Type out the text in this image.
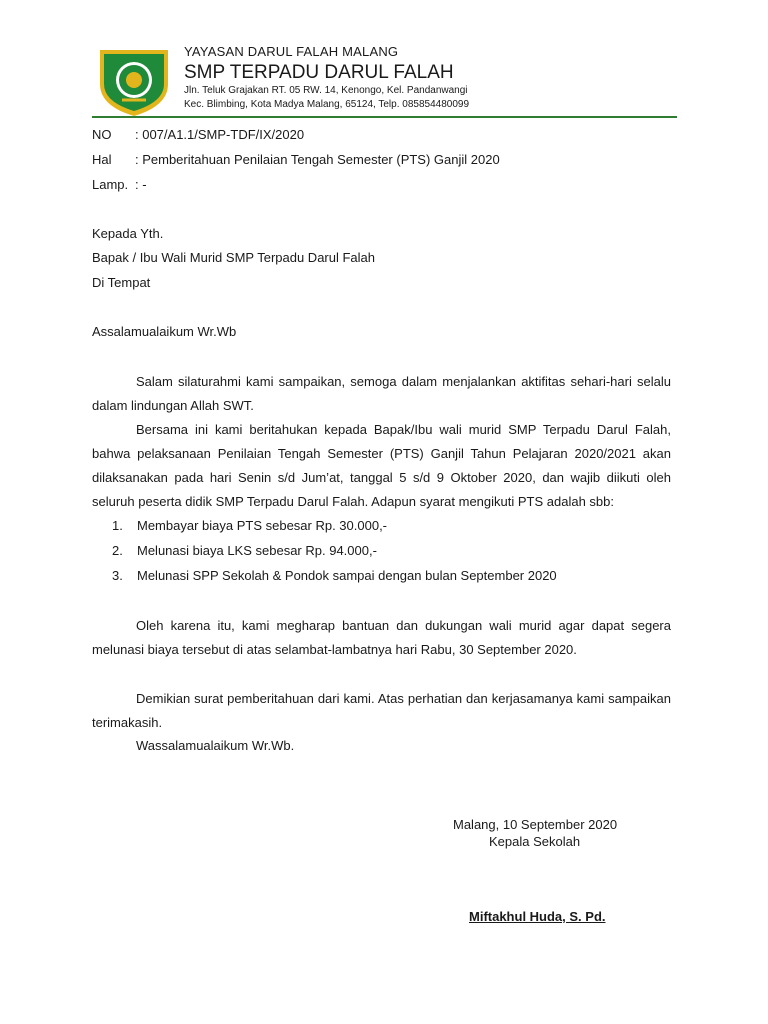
YAYASAN DARUL FALAH MALANG
SMP TERPADU DARUL FALAH
Jln. Teluk Grajakan RT. 05 RW. 14, Kenongo, Kel. Pandanwangi
Kec. Blimbing, Kota Madya Malang, 65124, Telp. 085854480099
NO : 007/A1.1/SMP-TDF/IX/2020
Hal : Pemberitahuan Penilaian Tengah Semester (PTS) Ganjil 2020
Lamp. : -
Kepada Yth.
Bapak / Ibu Wali Murid SMP Terpadu Darul Falah
Di Tempat
Assalamualaikum Wr.Wb
Salam silaturahmi kami sampaikan, semoga dalam menjalankan aktifitas sehari-hari selalu dalam lindungan Allah SWT.
Bersama ini kami beritahukan kepada Bapak/Ibu wali murid SMP Terpadu Darul Falah, bahwa pelaksanaan Penilaian Tengah Semester (PTS) Ganjil Tahun Pelajaran 2020/2021 akan dilaksanakan pada hari Senin s/d Jum’at, tanggal 5 s/d 9 Oktober 2020, dan wajib diikuti oleh seluruh peserta didik SMP Terpadu Darul Falah. Adapun syarat mengikuti PTS adalah sbb:
1. Membayar biaya PTS sebesar Rp. 30.000,-
2. Melunasi biaya LKS sebesar Rp. 94.000,-
3. Melunasi SPP Sekolah & Pondok sampai dengan bulan September 2020
Oleh karena itu, kami megharap bantuan dan dukungan wali murid agar dapat segera melunasi biaya tersebut di atas selambat-lambatnya hari Rabu, 30 September 2020.
Demikian surat pemberitahuan dari kami. Atas perhatian dan kerjasamanya kami sampaikan terimakasih.
Wassalamualaikum Wr.Wb.
Malang, 10 September 2020
Kepala Sekolah
Miftakhul Huda, S. Pd.
